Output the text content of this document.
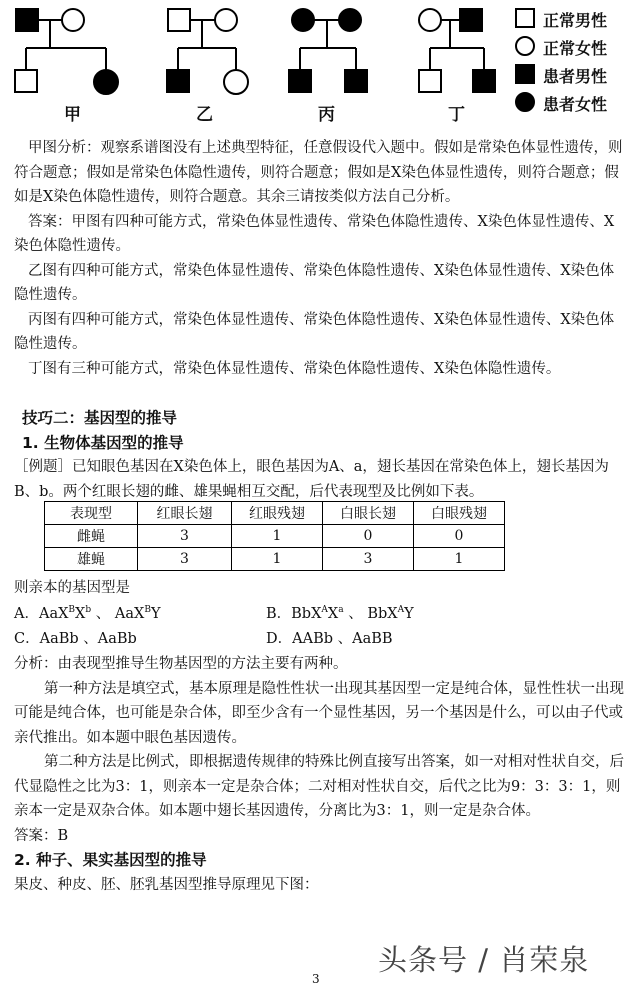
甲	乙	丙	丁
正常男性
正常女性
患者男性
患者女性

甲图分析：观察系谱图没有上述典型特征，任意假设代入题中。假如是常染色体显性遗传，则符合题意；假如是常染色体隐性遗传，则符合题意；假如是X染色体显性遗传，则符合题意；假如是X染色体隐性遗传，则符合题意。其余三请按类似方法自己分析。

答案：甲图有四种可能方式，常染色体显性遗传、常染色体隐性遗传、X染色体显性遗传、X染色体隐性遗传。

乙图有四种可能方式，常染色体显性遗传、常染色体隐性遗传、X染色体显性遗传、X染色体隐性遗传。

丙图有四种可能方式，常染色体显性遗传、常染色体隐性遗传、X染色体显性遗传、X染色体隐性遗传。

丁图有三种可能方式，常染色体显性遗传、常染色体隐性遗传、X染色体隐性遗传。

技巧二：基因型的推导

1. 生物体基因型的推导

［例题］已知眼色基因在X染色体上，眼色基因为A、a，翅长基因在常染色体上，翅长基因为B、b。两个红眼长翅的雌、雄果蝇相互交配，后代表现型及比例如下表。

表现型	红眼长翅	红眼残翅	白眼长翅	白眼残翅
雌蝇	3	1	0	0
雄蝇	3	1	3	1
则亲本的基因型是
A．$AaX^BX^b$ 、 AaX$^B$Y	B．$BbX^AX^a$ 、 BbX$^A$Y
C．AaBb 、AaBb	D．AABb 、AaBB

分析：由表现型推导生物基因型的方法主要有两种。

第一种方法是填空式，基本原理是隐性性状一出现其基因型一定是纯合体，显性性状一出现可能是纯合体，也可能是杂合体，即至少含有一个显性基因，另一个基因是什么，可以由子代或亲代推出。如本题中眼色基因遗传。

第二种方法是比例式，即根据遗传规律的特殊比例直接写出答案，如一对相对性状自交，后代显隐性之比为3：1，则亲本一定是杂合体；二对相对性状自交，后代之比为9：3：3：1，则亲本一定是双杂合体。如本题中翅长基因遗传，分离比为3：1，则一定是杂合体。

答案：B

2. 种子、果实基因型的推导

果皮、种皮、胚、胚乳基因型推导原理见下图：

头条号 / 肖荣泉
3
